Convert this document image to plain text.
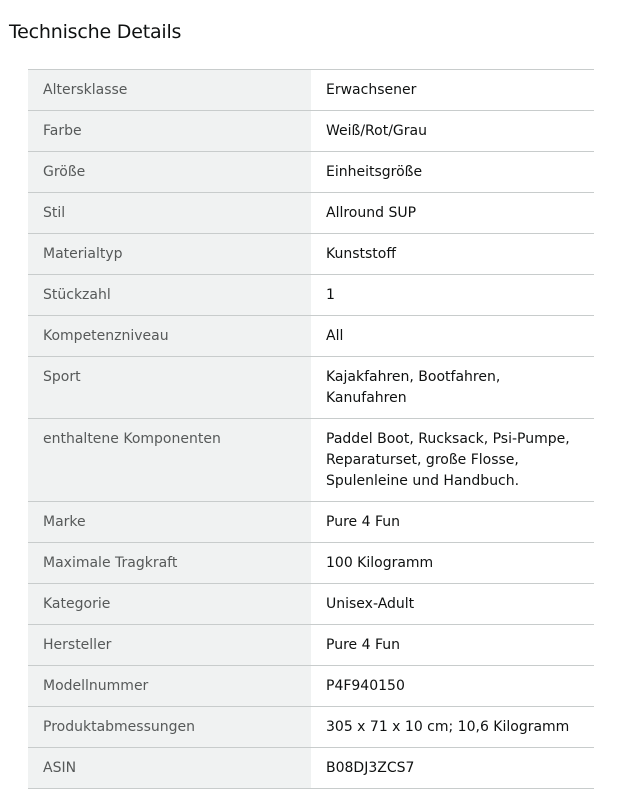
Technische Details
Altersklasse	Erwachsener
Farbe	Weiß/Rot/Grau
Größe	Einheitsgröße
Stil	Allround SUP
Materialtyp	Kunststoff
Stückzahl	1
Kompetenzniveau	All
Sport	Kajakfahren, Bootfahren, Kanufahren
enthaltene Komponenten	Paddel Boot, Rucksack, Psi-Pumpe, Reparaturset, große Flosse, Spulenleine und Handbuch.
Marke	Pure 4 Fun
Maximale Tragkraft	100 Kilogramm
Kategorie	Unisex-Adult
Hersteller	Pure 4 Fun
Modellnummer	P4F940150
Produktabmessungen	305 x 71 x 10 cm; 10,6 Kilogramm
ASIN	B08DJ3ZCS7
